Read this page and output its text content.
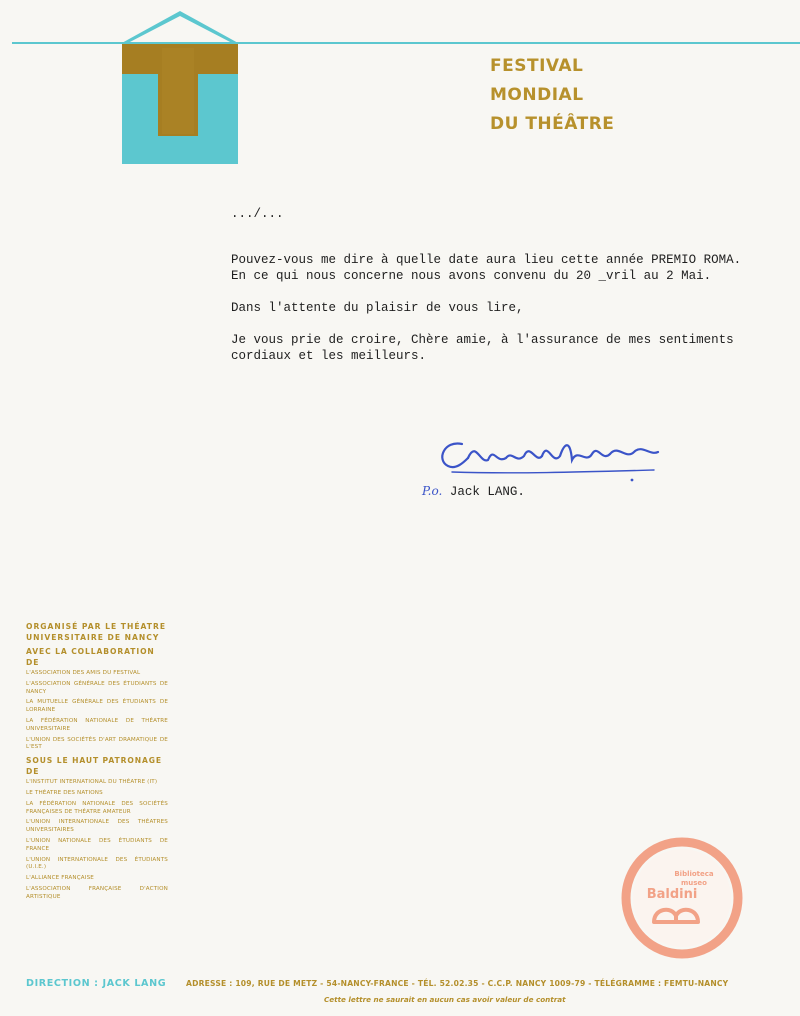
FESTIVAL
MONDIAL
DU THÉÂTRE

.../...

Pouvez-vous me dire à quelle date aura lieu cette année PREMIO ROMA. En ce qui nous concerne nous avons convenu du 20 _vril au 2 Mai.

Dans l'attente du plaisir de vous lire,

Je vous prie de croire, Chère amie, à l'assurance de mes sentiments cordiaux et les meilleurs.

P.o. Jack LANG.

ORGANISÉ PAR LE THÉATRE UNIVERSITAIRE DE NANCY

AVEC LA COLLABORATION DE

L'ASSOCIATION DES AMIS DU FESTIVAL

L'ASSOCIATION GÉNÉRALE DES ÉTUDIANTS DE NANCY

LA MUTUELLE GÉNÉRALE DES ÉTUDIANTS DE LORRAINE

LA FÉDÉRATION NATIONALE DE THÉATRE UNIVERSITAIRE

L'UNION DES SOCIÉTÉS D'ART DRAMATIQUE DE L'EST

SOUS LE HAUT PATRONAGE DE

L'INSTITUT INTERNATIONAL DU THÉATRE (IT)

LE THÉATRE DES NATIONS

LA FÉDÉRATION NATIONALE DES SOCIÉTÉS FRANÇAISES DE THÉATRE AMATEUR

L'UNION INTERNATIONALE DES THÉATRES UNIVERSITAIRES

L'UNION NATIONALE DES ÉTUDIANTS DE FRANCE

L'UNION INTERNATIONALE DES ÉTUDIANTS (U.I.E.)

L'ALLIANCE FRANÇAISE

L'ASSOCIATION FRANÇAISE D'ACTION ARTISTIQUE

Biblioteca
museo
Baldini
DIRECTION : JACK LANG	ADRESSE : 109, RUE DE METZ - 54-NANCY-FRANCE - TÉL. 52.02.35 - C.C.P. NANCY 1009-79 - TÉLÉGRAMME : FEMTU-NANCY
Cette lettre ne saurait en aucun cas avoir valeur de contrat
